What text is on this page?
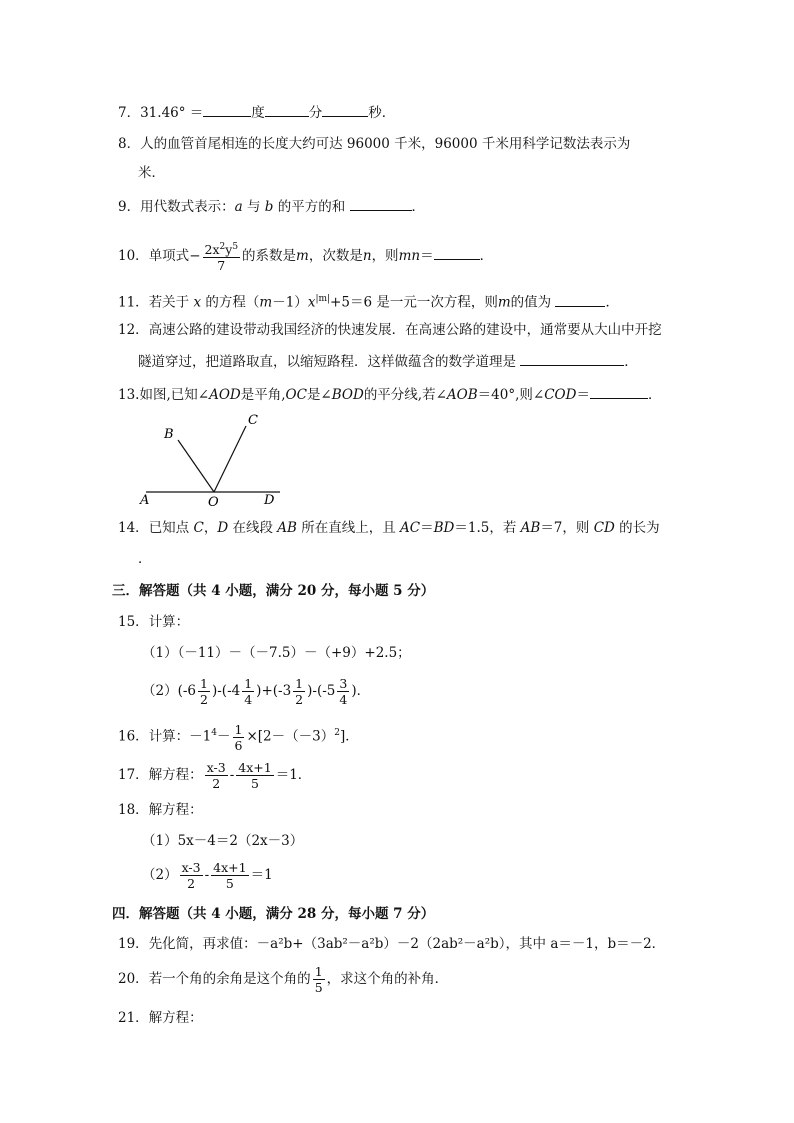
7．31.46° ＝	度	分	秒．
8．人的血管首尾相连的长度大约可达 96000 千米，96000 千米用科学记数法表示为
米．
9．用代数式表示：a 与 b 的平方的和	．
10．单项式− $\frac{2x^2y^5}{7}$ 的系数是m，次数是n，则mn＝	．
11．若关于 x 的方程$(m-1)x^{|m|}+5=6$ 是一元一次方程，则m的值为	．
12．高速公路的建设带动我国经济的快速发展．在高速公路的建设中，通常要从大山中开挖
隧道穿过，把道路取直，以缩短路程．这样做蕴含的数学道理是	．
13.如图,已知∠AOD是平角,OC是∠BOD的平分线,若∠AOB＝40°,则∠COD＝	．
A
B
C
O	D
14．已知点 C，D 在线段 AB 所在直线上，且 AC＝BD＝1.5，若 AB＝7，则 CD 的长为
．
三．解答题（共 4 小题，满分 20 分，每小题 5 分）
15．计算：
（1）（－11）－（－7.5）－（+9）+2.5；
$(2)(-6 \frac{1}{2} )-(-4 \frac{1}{4} )+(-3 \frac{1}{2} )-(-5 \frac{3}{4}$ )．
16．计算：$-1^4- \frac{1}{6} \times[2-(-3)^2]$．
17．解方程： $\frac{x-3}{2} - \frac{4x+1}{5} =1$．
18．解方程：
（1）5x－4＝2（2x－3）
$(2) \frac{x-3}{2} - \frac{4x+1}{5} =1$
四．解答题（共 4 小题，满分 28 分，每小题 7 分）
19．先化简，再求值：－a²b+（3ab²－a²b）－2（2ab²－a²b），其中 a＝－1，b＝－2．
20．若一个角的余角是这个角的 $\frac{1}{5}$ ，求这个角的补角．
21．解方程：
